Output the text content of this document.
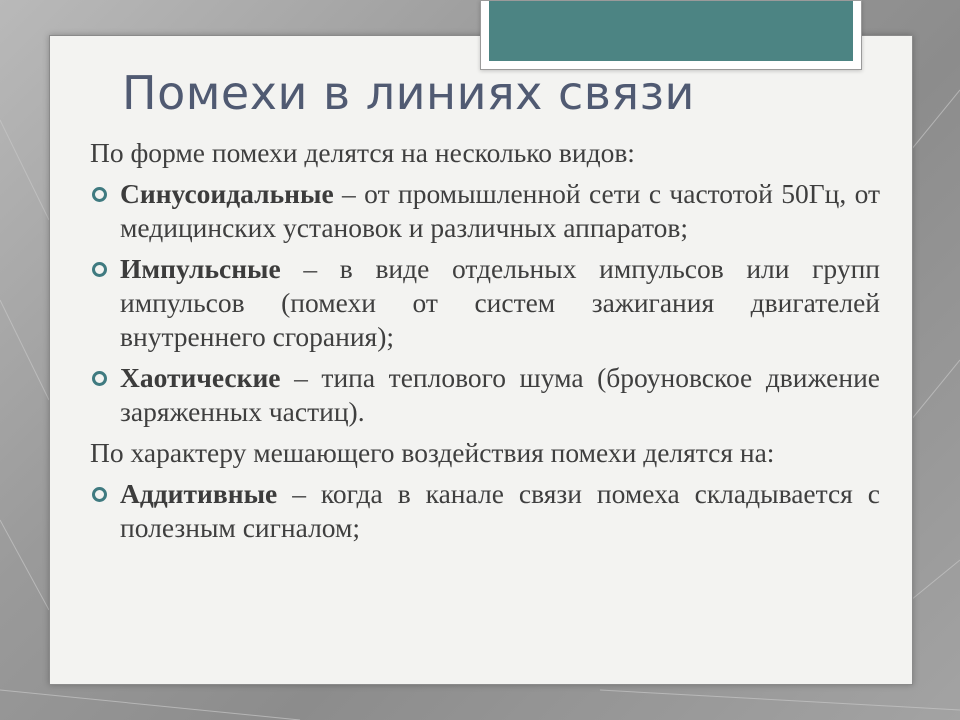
Помехи в линиях связи

По форме помехи делятся на несколько видов:

Синусоидальные – от промышленной сети с частотой 50Гц, от медицинских установок и различных аппаратов;
Импульсные – в виде отдельных импульсов или групп импульсов (помехи от систем зажигания двигателей внутреннего сгорания);
Хаотические – типа теплового шума (броуновское движение заряженных частиц).

По характеру мешающего воздействия помехи делятся на:

Аддитивные – когда в канале связи помеха складывается с полезным сигналом;
